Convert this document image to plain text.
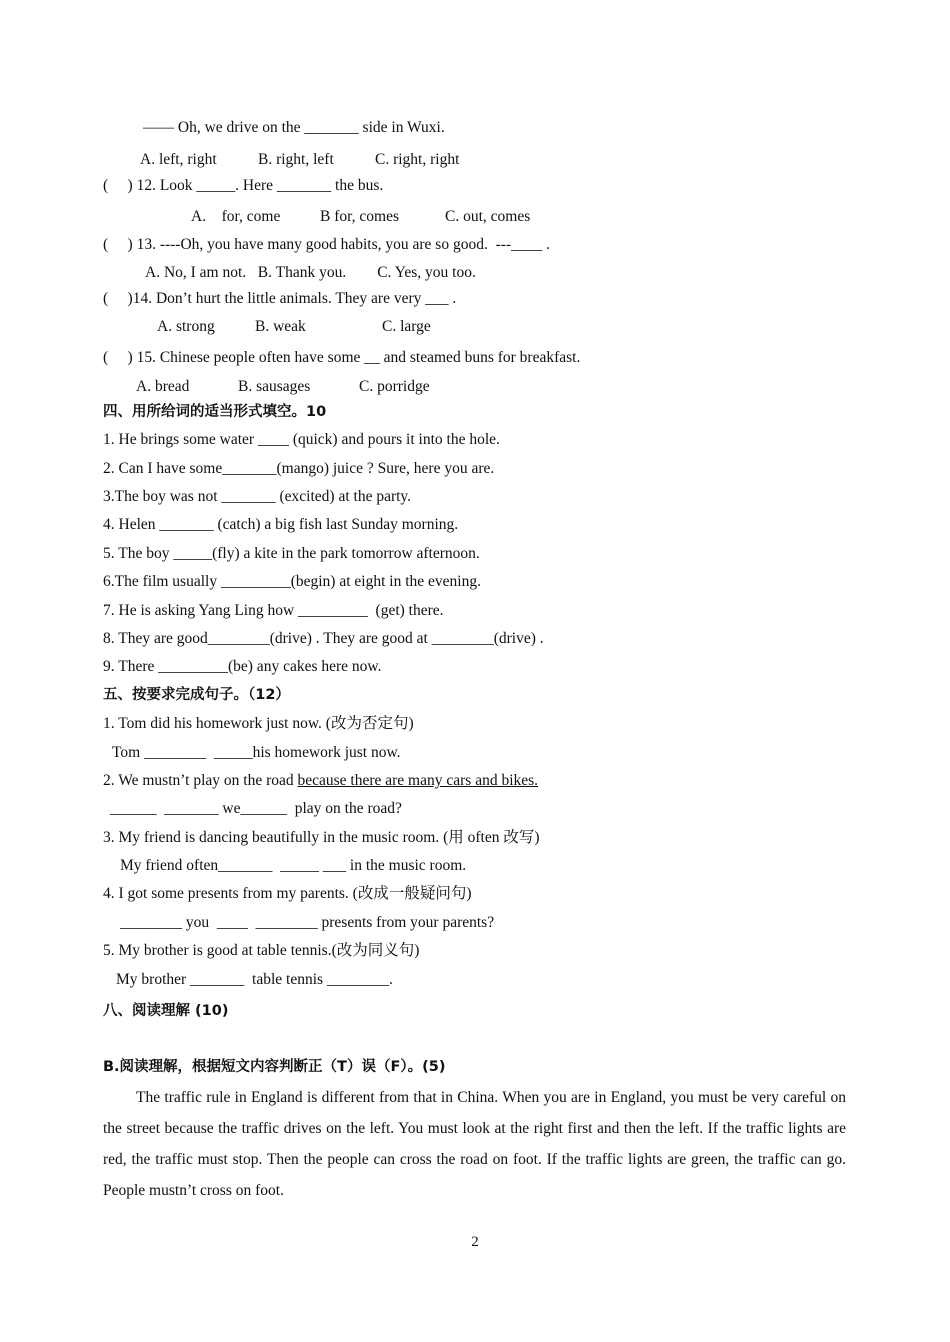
—— Oh, we drive on the _______ side in Wuxi.
A. left, right	B. right, left	C. right, right
(     ) 12. Look _____. Here _______ the bus.
A.    for, come	B for, comes	C. out, comes
(     ) 13. ----Oh, you have many good habits, you are so good.  ---____ .
A. No, I am not.   B. Thank you.        C. Yes, you too.
(     )14. Don’t hurt the little animals. They are very ___ .
A. strong	B. weak	C. large
(     ) 15. Chinese people often have some __ and steamed buns for breakfast.
A. bread	B. sausages	C. porridge
四、用所给词的适当形式填空。10
1. He brings some water ____ (quick) and pours it into the hole.
2. Can I have some_______(mango) juice ? Sure, here you are.
3.The boy was not _______ (excited) at the party.
4. Helen _______ (catch) a big fish last Sunday morning.
5. The boy _____(fly) a kite in the park tomorrow afternoon.
6.The film usually _________(begin) at eight in the evening.
7. He is asking Yang Ling how _________  (get) there.
8. They are good________(drive) . They are good at ________(drive) .
9. There _________(be) any cakes here now.
五、按要求完成句子。（12）
1. Tom did his homework just now. (改为否定句)
Tom ________  _____his homework just now.
2. We mustn’t play on the road because there are many cars and bikes.
______  _______ we______  play on the road?
3. My friend is dancing beautifully in the music room. (用 often 改写)
My friend often_______  _____ ___ in the music room.
4. I got some presents from my parents. (改成一般疑问句)
________ you  ____  ________ presents from your parents?
5. My brother is good at table tennis.(改为同义句)
My brother _______  table tennis ________.
八、阅读理解 (10)
B.阅读理解，根据短文内容判断正（T）误（F）。(5)
The traffic rule in England is different from that in China. When you are in England, you must be very careful on the street because the traffic drives on the left. You must look at the right first and then the left. If the traffic lights are red, the traffic must stop. Then the people can cross the road on foot. If the traffic lights are green, the traffic can go. People mustn’t cross on foot.
2
